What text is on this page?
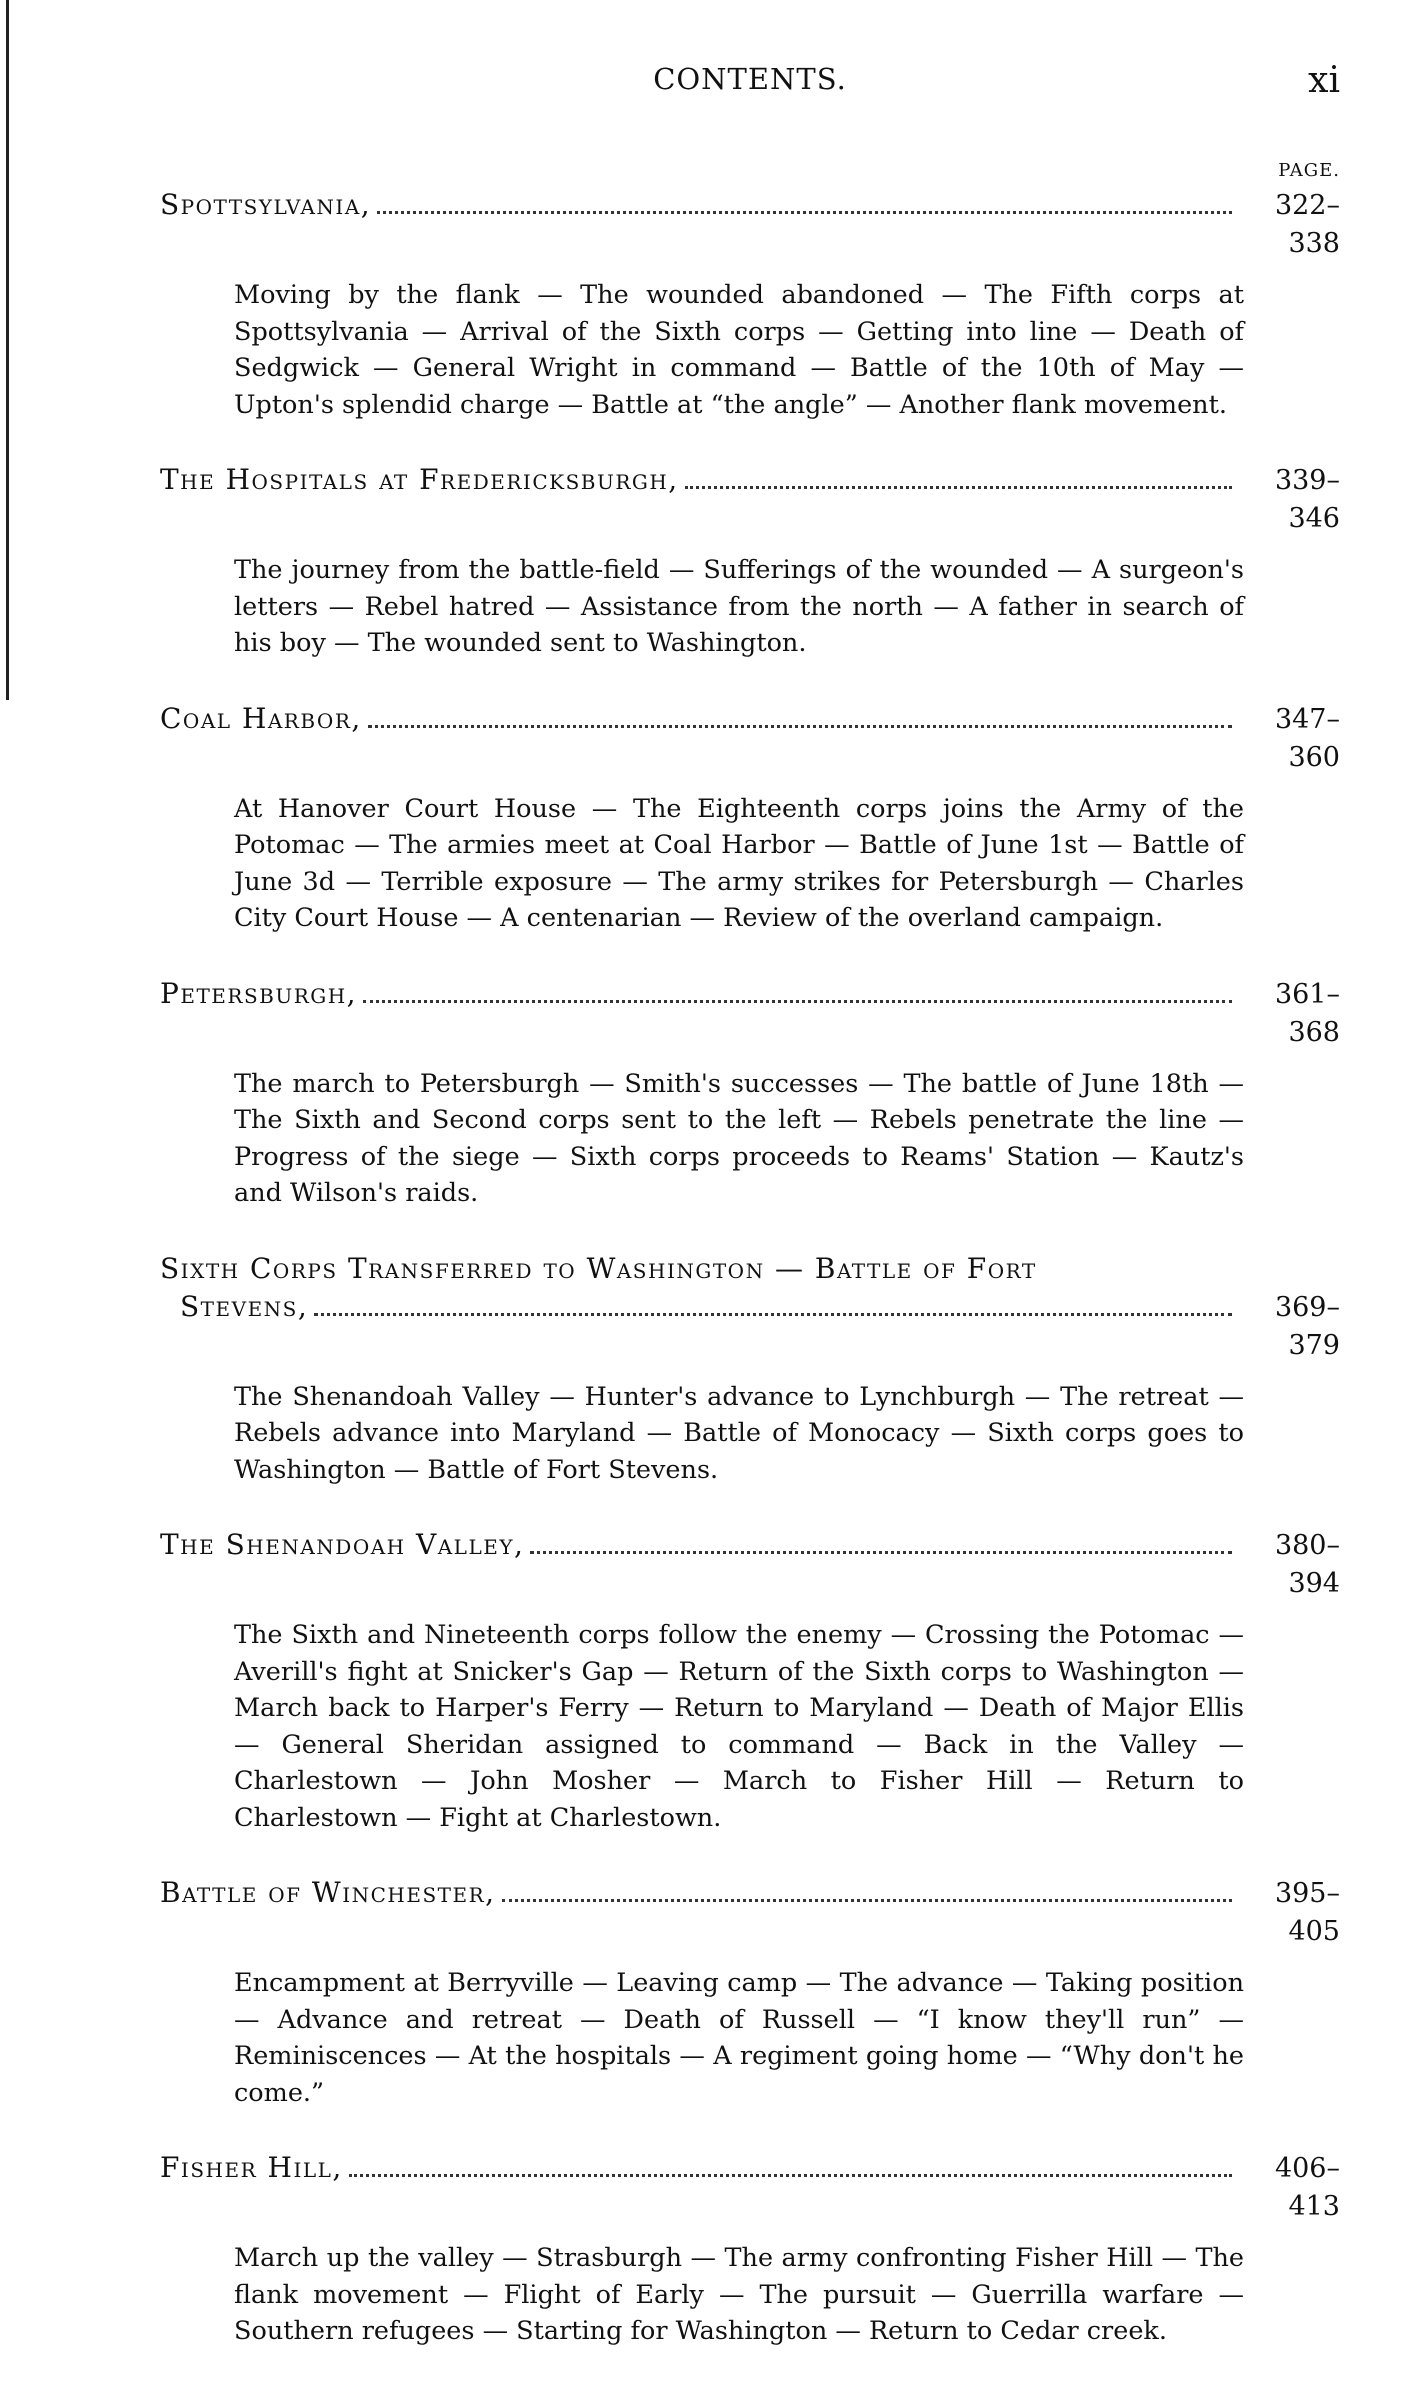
CONTENTS.	xi
PAGE.
Spottsylvania,	322–338
Moving by the flank — The wounded abandoned — The Fifth corps at Spottsylvania — Arrival of the Sixth corps — Getting into line — Death of Sedgwick — General Wright in command — Battle of the 10th of May — Upton's splendid charge — Battle at “the angle” — Another flank movement.
The Hospitals at Fredericksburgh,	339–346
The journey from the battle-field — Sufferings of the wounded — A surgeon's letters — Rebel hatred — Assistance from the north — A father in search of his boy — The wounded sent to Washington.
Coal Harbor,	347–360
At Hanover Court House — The Eighteenth corps joins the Army of the Potomac — The armies meet at Coal Harbor — Battle of June 1st — Battle of June 3d — Terrible exposure — The army strikes for Petersburgh — Charles City Court House — A centenarian — Review of the overland campaign.
Petersburgh,	361–368
The march to Petersburgh — Smith's successes — The battle of June 18th — The Sixth and Second corps sent to the left — Rebels penetrate the line — Progress of the siege — Sixth corps proceeds to Reams' Station — Kautz's and Wilson's raids.
Sixth Corps Transferred to Washington — Battle of Fort
Stevens,	369–379
The Shenandoah Valley — Hunter's advance to Lynchburgh — The retreat — Rebels advance into Maryland — Battle of Monocacy — Sixth corps goes to Washington — Battle of Fort Stevens.
The Shenandoah Valley,	380–394
The Sixth and Nineteenth corps follow the enemy — Crossing the Potomac — Averill's fight at Snicker's Gap — Return of the Sixth corps to Washington — March back to Harper's Ferry — Return to Maryland — Death of Major Ellis — General Sheridan assigned to command — Back in the Valley — Charlestown — John Mosher — March to Fisher Hill — Return to Charlestown — Fight at Charlestown.
Battle of Winchester,	395–405
Encampment at Berryville — Leaving camp — The advance — Taking position — Advance and retreat — Death of Russell — “I know they'll run” — Reminiscences — At the hospitals — A regiment going home — “Why don't he come.”
Fisher Hill,	406–413
March up the valley — Strasburgh — The army confronting Fisher Hill — The flank movement — Flight of Early — The pursuit — Guerrilla warfare — Southern refugees — Starting for Washington — Return to Cedar creek.
